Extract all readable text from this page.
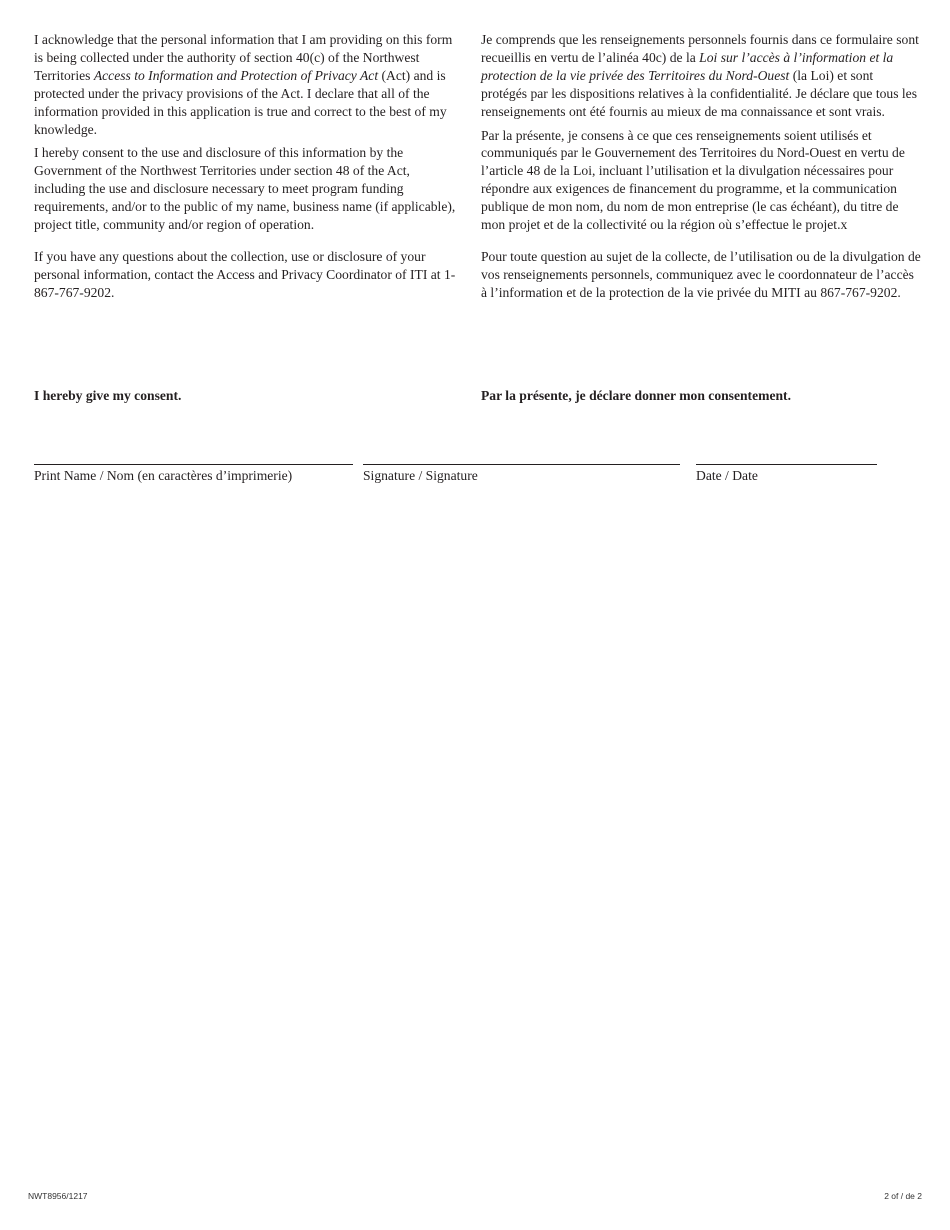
I acknowledge that the personal information that I am providing on this form is being collected under the authority of section 40(c) of the Northwest Territories Access to Information and Protection of Privacy Act (Act) and is protected under the privacy provisions of the Act. I declare that all of the information provided in this application is true and correct to the best of my knowledge.

I hereby consent to the use and disclosure of this information by the Government of the Northwest Territories under section 48 of the Act, including the use and disclosure necessary to meet program funding requirements, and/or to the public of my name, business name (if applicable), project title, community and/or region of operation.

If you have any questions about the collection, use or disclosure of your personal information, contact the Access and Privacy Coordinator of ITI at 1-867-767-9202.

Je comprends que les renseignements personnels fournis dans ce formulaire sont recueillis en vertu de l’alinéa 40c) de la Loi sur l’accès à l’information et la protection de la vie privée des Territoires du Nord-Ouest (la Loi) et sont protégés par les dispositions relatives à la confidentialité. Je déclare que tous les renseignements ont été fournis au mieux de ma connaissance et sont vrais.

Par la présente, je consens à ce que ces renseignements soient utilisés et communiqués par le Gouvernement des Territoires du Nord-Ouest en vertu de l’article 48 de la Loi, incluant l’utilisation et la divulgation nécessaires pour répondre aux exigences de financement du programme, et la communication publique de mon nom, du nom de mon entreprise (le cas échéant), du titre de mon projet et de la collectivité ou la région où s’effectue le projet.x

Pour toute question au sujet de la collecte, de l’utilisation ou de la divulgation de vos renseignements personnels, communiquez avec le coordonnateur de l’accès à l’information et de la protection de la vie privée du MITI au 867-767-9202.

I hereby give my consent.	Par la présente, je déclare donner mon consentement.

Print Name / Nom (en caractères d’imprimerie)	Signature / Signature	Date / Date
NWT8956/1217	2 of / de 2
